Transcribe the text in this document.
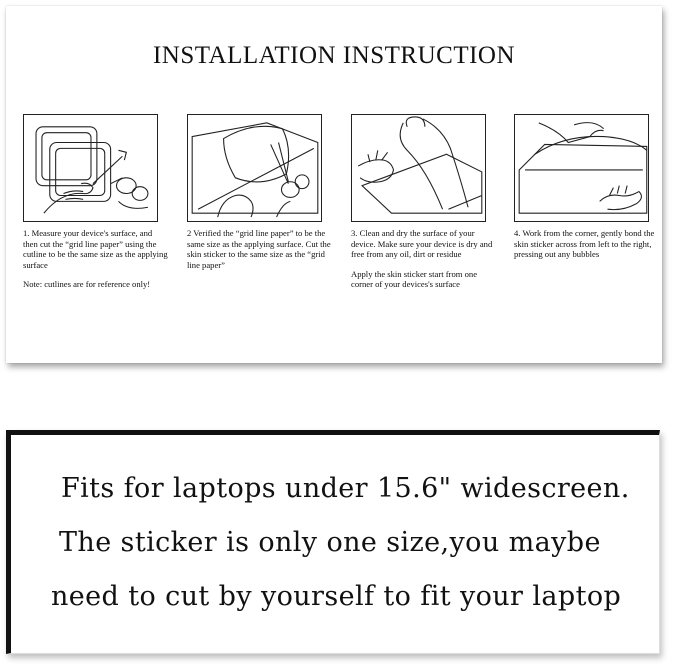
INSTALLATION INSTRUCTION

1. Measure your device's surface, and then cut the “grid line paper” using the cutline to be the same size as the applying surface

Note: cutlines are for reference only!

2 Verified the “grid line paper” to be the same size as the applying surface. Cut the skin sticker to the same size as the “grid line paper”

3. Clean and dry the surface of your device. Make sure your device is dry and free from any oil, dirt or residue

Apply the skin sticker start from one corner of your devices's surface

4. Work from the corner, gently bond the skin sticker across from left to the right, pressing out any bubbles

Fits for laptops under 15.6" widescreen.
The sticker is only one size,you maybe
need to cut by yourself to fit your laptop
